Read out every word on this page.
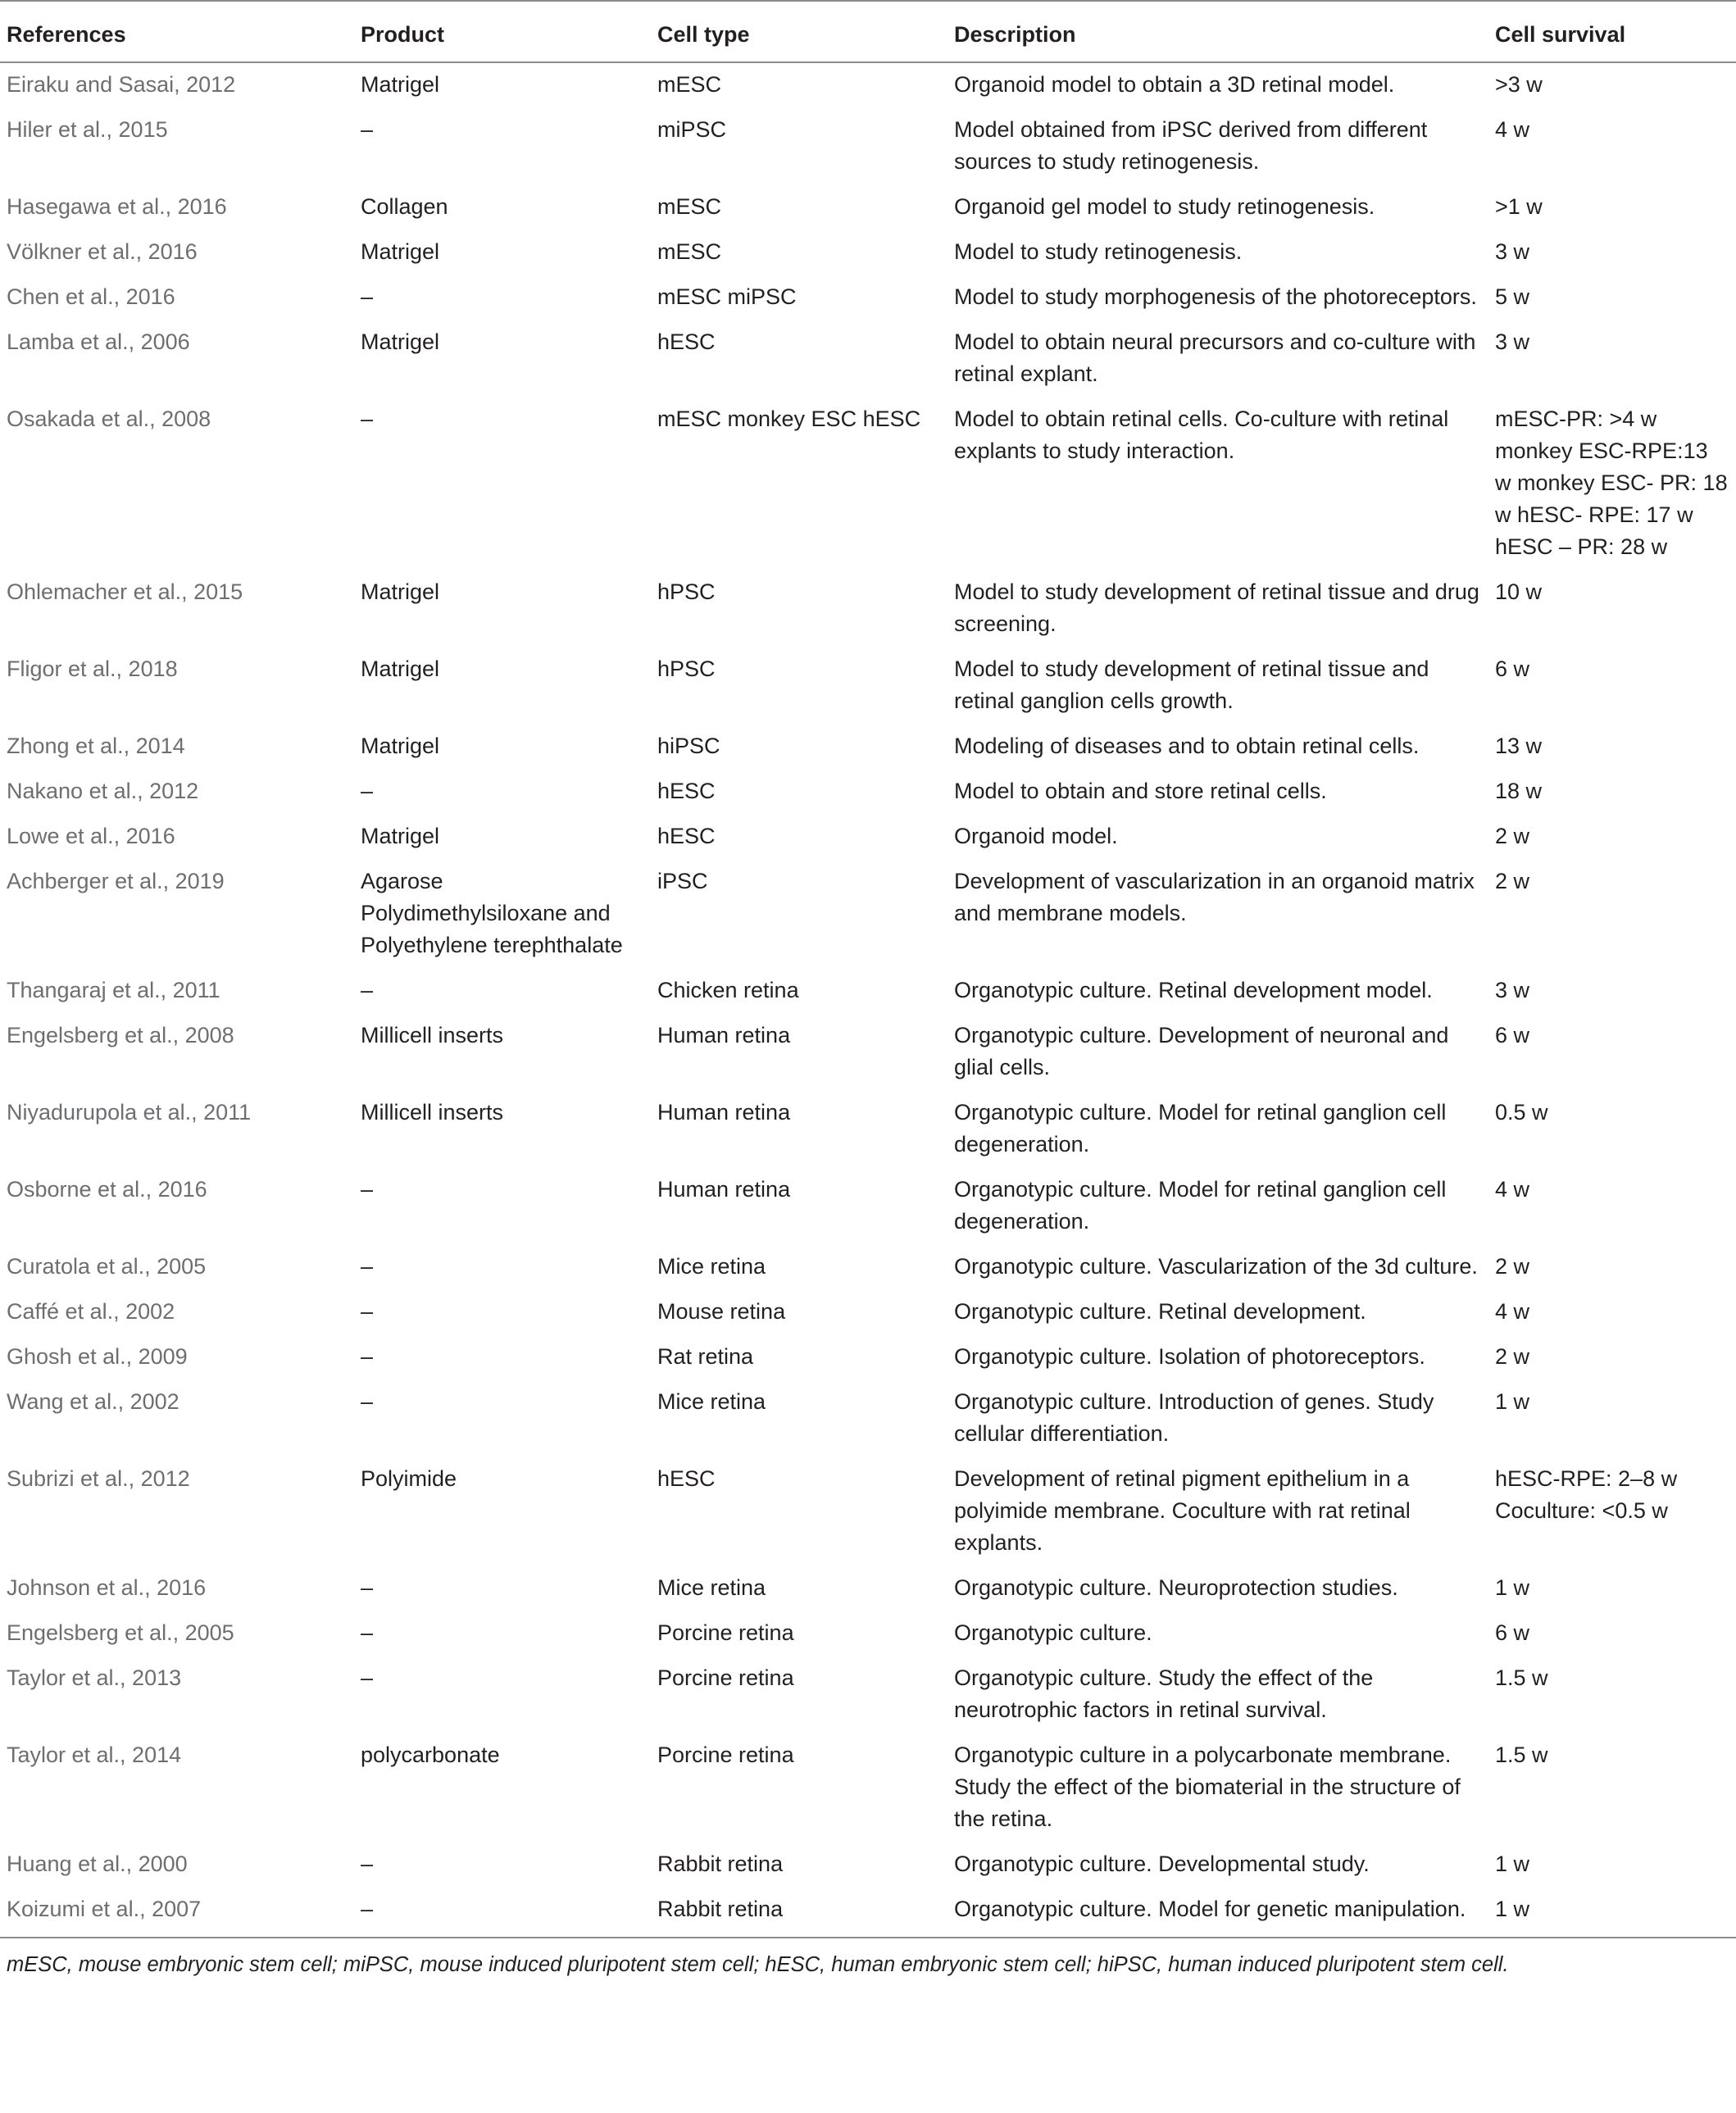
References	Product	Cell type	Description	Cell survival
Eiraku and Sasai, 2012	Matrigel	mESC	Organoid model to obtain a 3D retinal model.	>3 w
Hiler et al., 2015	–	miPSC	Model obtained from iPSC derived from different sources to study retinogenesis.	4 w
Hasegawa et al., 2016	Collagen	mESC	Organoid gel model to study retinogenesis.	>1 w
Völkner et al., 2016	Matrigel	mESC	Model to study retinogenesis.	3 w
Chen et al., 2016	–	mESC miPSC	Model to study morphogenesis of the photoreceptors.	5 w
Lamba et al., 2006	Matrigel	hESC	Model to obtain neural precursors and co-culture with retinal explant.	3 w
Osakada et al., 2008	–	mESC monkey ESC hESC	Model to obtain retinal cells. Co-culture with retinal explants to study interaction.	mESC-PR: >4 w monkey ESC-RPE:13 w monkey ESC- PR: 18 w hESC- RPE: 17 w hESC – PR: 28 w
Ohlemacher et al., 2015	Matrigel	hPSC	Model to study development of retinal tissue and drug screening.	10 w
Fligor et al., 2018	Matrigel	hPSC	Model to study development of retinal tissue and retinal ganglion cells growth.	6 w
Zhong et al., 2014	Matrigel	hiPSC	Modeling of diseases and to obtain retinal cells.	13 w
Nakano et al., 2012	–	hESC	Model to obtain and store retinal cells.	18 w
Lowe et al., 2016	Matrigel	hESC	Organoid model.	2 w
Achberger et al., 2019	Agarose Polydimethylsiloxane and Polyethylene terephthalate	iPSC	Development of vascularization in an organoid matrix and membrane models.	2 w
Thangaraj et al., 2011	–	Chicken retina	Organotypic culture. Retinal development model.	3 w
Engelsberg et al., 2008	Millicell inserts	Human retina	Organotypic culture. Development of neuronal and glial cells.	6 w
Niyadurupola et al., 2011	Millicell inserts	Human retina	Organotypic culture. Model for retinal ganglion cell degeneration.	0.5 w
Osborne et al., 2016	–	Human retina	Organotypic culture. Model for retinal ganglion cell degeneration.	4 w
Curatola et al., 2005	–	Mice retina	Organotypic culture. Vascularization of the 3d culture.	2 w
Caffé et al., 2002	–	Mouse retina	Organotypic culture. Retinal development.	4 w
Ghosh et al., 2009	–	Rat retina	Organotypic culture. Isolation of photoreceptors.	2 w
Wang et al., 2002	–	Mice retina	Organotypic culture. Introduction of genes. Study cellular differentiation.	1 w
Subrizi et al., 2012	Polyimide	hESC	Development of retinal pigment epithelium in a polyimide membrane. Coculture with rat retinal explants.	hESC-RPE: 2–8 w Coculture: <0.5 w
Johnson et al., 2016	–	Mice retina	Organotypic culture. Neuroprotection studies.	1 w
Engelsberg et al., 2005	–	Porcine retina	Organotypic culture.	6 w
Taylor et al., 2013	–	Porcine retina	Organotypic culture. Study the effect of the neurotrophic factors in retinal survival.	1.5 w
Taylor et al., 2014	polycarbonate	Porcine retina	Organotypic culture in a polycarbonate membrane. Study the effect of the biomaterial in the structure of the retina.	1.5 w
Huang et al., 2000	–	Rabbit retina	Organotypic culture. Developmental study.	1 w
Koizumi et al., 2007	–	Rabbit retina	Organotypic culture. Model for genetic manipulation.	1 w
mESC, mouse embryonic stem cell; miPSC, mouse induced pluripotent stem cell; hESC, human embryonic stem cell; hiPSC, human induced pluripotent stem cell.				
